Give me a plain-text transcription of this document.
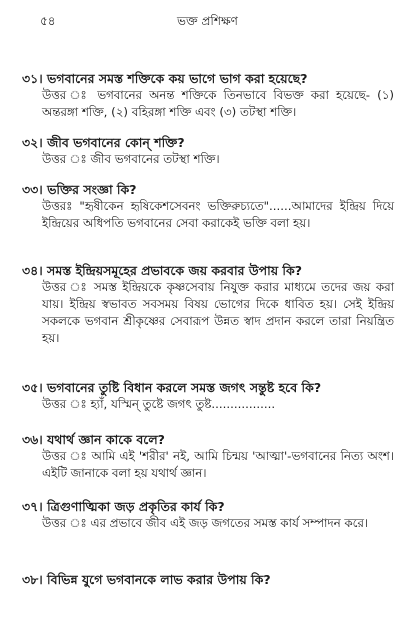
৫৪	ভক্ত প্রশিক্ষণ

৩১। ভগবানের সমস্ত শক্তিকে কয় ভাগে ভাগ করা হয়েছে?

উত্তর ঃ ভগবানের অনন্ত শক্তিকে তিনভাবে বিভক্ত করা হয়েছে- (১) অন্তরঙ্গা শক্তি, (২) বহিরঙ্গা শক্তি এবং (৩) তটস্থা শক্তি।

৩২। জীব ভগবানের কোন্ শক্তি?

উত্তর ঃ জীব ভগবানের তটস্থা শক্তি।

৩৩। ভক্তির সংজ্ঞা কি?

উত্তরঃ "হৃষীকেন হৃষিকেশসেবনং ভক্তিরুচ্যতে"......আমাদের ইন্দ্রিয় দিয়ে ইন্দ্রিয়ের অধিপতি ভগবানের সেবা করাকেই ভক্তি বলা হয়।

৩৪। সমস্ত ইন্দ্রিয়সমূহের প্রভাবকে জয় করবার উপায় কি?

উত্তর ঃ সমস্ত ইন্দ্রিয়কে কৃষ্ণসেবায় নিযুক্ত করার মাধ্যমে তদের জয় করা যায়। ইন্দ্রিয় স্বভাবত সবসময় বিষয় ভোগের দিকে ধাবিত হয়। সেই ইন্দ্রিয় সকলকে ভগবান শ্রীকৃষ্ণের সেবারূপ উন্নত স্বাদ প্রদান করলে তারা নিয়ন্ত্রিত হয়।

৩৫। ভগবানের তুষ্টি বিধান করলে সমস্ত জগৎ সন্তুষ্ট হবে কি?

উত্তর ঃ হ্যাঁ, যস্মিন্ তুষ্টে জগৎ তুষ্ট.................

৩৬। যথার্থ জ্ঞান কাকে বলে?

উত্তর ঃ আমি এই 'শরীর' নই, আমি চিন্ময় 'আত্মা'-ভগবানের নিত্য অংশ। এইটি জানাকে বলা হয় যথার্থ জ্ঞান।

৩৭। ত্রিগুণাত্মিকা জড় প্রকৃতির কার্য কি?

উত্তর ঃ এর প্রভাবে জীব এই জড় জগতের সমস্ত কার্য সম্পাদন করে।

৩৮। বিভিন্ন যুগে ভগবানকে লাভ করার উপায় কি?
